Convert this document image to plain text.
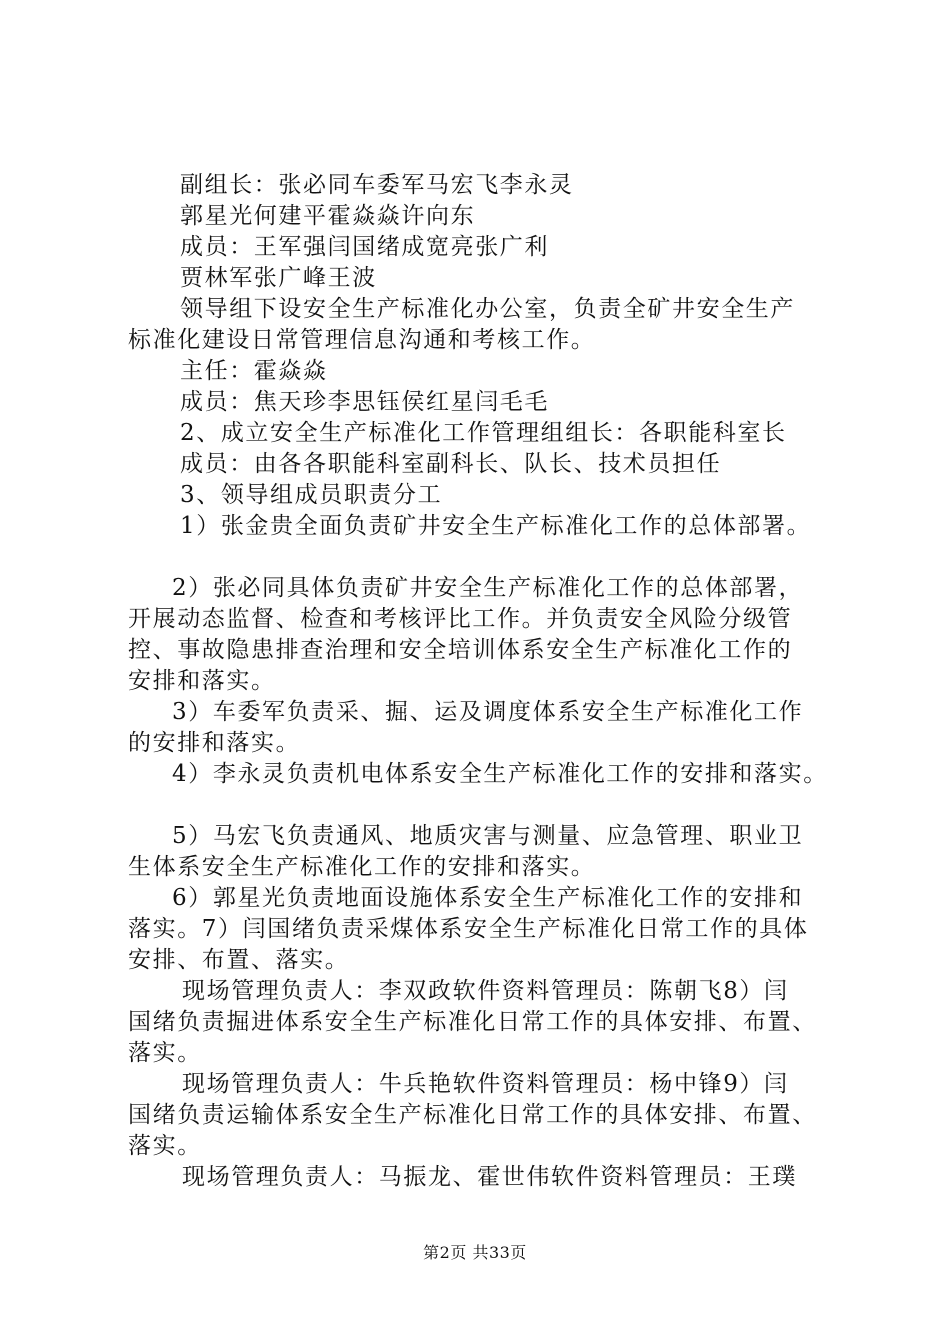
副组长：张必同车委军马宏飞李永灵
郭星光何建平霍焱焱许向东
成员：王军强闫国绪成宽亮张广利
贾林军张广峰王波
领导组下设安全生产标准化办公室，负责全矿井安全生产
标准化建设日常管理信息沟通和考核工作。
主任：霍焱焱
成员：焦天珍李思钰侯红星闫毛毛
2、成立安全生产标准化工作管理组组长：各职能科室长
成员：由各各职能科室副科长、队长、技术员担任
3、领导组成员职责分工
1）张金贵全面负责矿井安全生产标准化工作的总体部署。
2）张必同具体负责矿井安全生产标准化工作的总体部署，
开展动态监督、检查和考核评比工作。并负责安全风险分级管
控、事故隐患排查治理和安全培训体系安全生产标准化工作的
安排和落实。
3）车委军负责采、掘、运及调度体系安全生产标准化工作
的安排和落实。
4）李永灵负责机电体系安全生产标准化工作的安排和落实。
5）马宏飞负责通风、地质灾害与测量、应急管理、职业卫
生体系安全生产标准化工作的安排和落实。
6）郭星光负责地面设施体系安全生产标准化工作的安排和
落实。7）闫国绪负责采煤体系安全生产标准化日常工作的具体
安排、布置、落实。
现场管理负责人：李双政软件资料管理员：陈朝飞8）闫
国绪负责掘进体系安全生产标准化日常工作的具体安排、布置、
落实。
现场管理负责人：牛兵艳软件资料管理员：杨中锋9）闫
国绪负责运输体系安全生产标准化日常工作的具体安排、布置、
落实。
现场管理负责人：马振龙、霍世伟软件资料管理员：王璞
第2页 共33页
